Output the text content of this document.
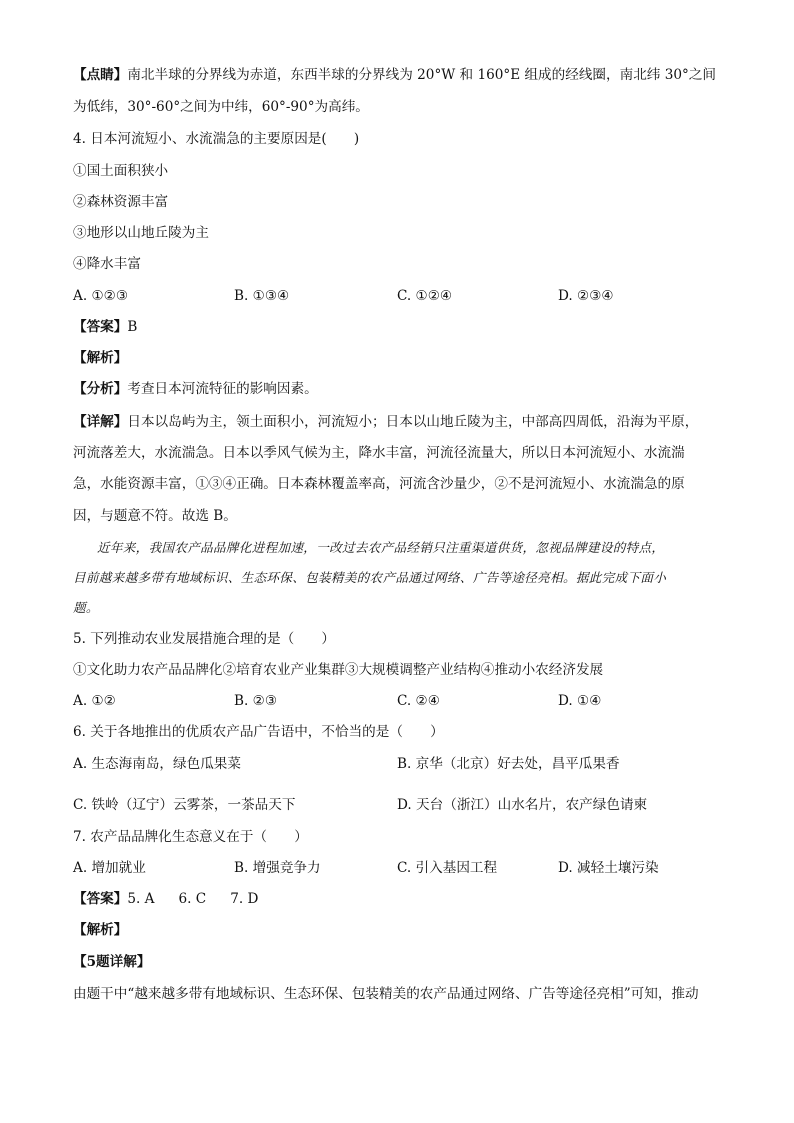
【点睛】南北半球的分界线为赤道，东西半球的分界线为 20°W 和 160°E 组成的经线圈，南北纬 30°之间
为低纬，30°-60°之间为中纬，60°-90°为高纬。
4. 日本河流短小、水流湍急的主要原因是(　　)
①国土面积狭小
②森林资源丰富
③地形以山地丘陵为主
④降水丰富
A. ①②③	B. ①③④	C. ①②④	D. ②③④
【答案】B
【解析】
【分析】考查日本河流特征的影响因素。
【详解】日本以岛屿为主，领土面积小，河流短小；日本以山地丘陵为主，中部高四周低，沿海为平原，
河流落差大，水流湍急。日本以季风气候为主，降水丰富，河流径流量大，所以日本河流短小、水流湍
急，水能资源丰富，①③④正确。日本森林覆盖率高，河流含沙量少，②不是河流短小、水流湍急的原
因，与题意不符。故选 B。
近年来，我国农产品品牌化进程加速，一改过去农产品经销只注重渠道供货，忽视品牌建设的特点，
目前越来越多带有地域标识、生态环保、包装精美的农产品通过网络、广告等途径亮相。据此完成下面小
题。
5. 下列推动农业发展措施合理的是（　　）
①文化助力农产品品牌化②培育农业产业集群③大规模调整产业结构④推动小农经济发展
A. ①②	B. ②③	C. ②④	D. ①④
6. 关于各地推出的优质农产品广告语中，不恰当的是（　　）
A. 生态海南岛，绿色瓜果菜	B. 京华（北京）好去处，昌平瓜果香
C. 铁岭（辽宁）云雾茶，一茶品天下	D. 天台（浙江）山水名片，农产绿色请柬
7. 农产品品牌化生态意义在于（　　）
A. 增加就业	B. 增强竞争力	C. 引入基因工程	D. 减轻土壤污染
【答案】5. A 6. C 7. D
【解析】
【5题详解】
由题干中“越来越多带有地域标识、生态环保、包装精美的农产品通过网络、广告等途径亮相”可知，推动
